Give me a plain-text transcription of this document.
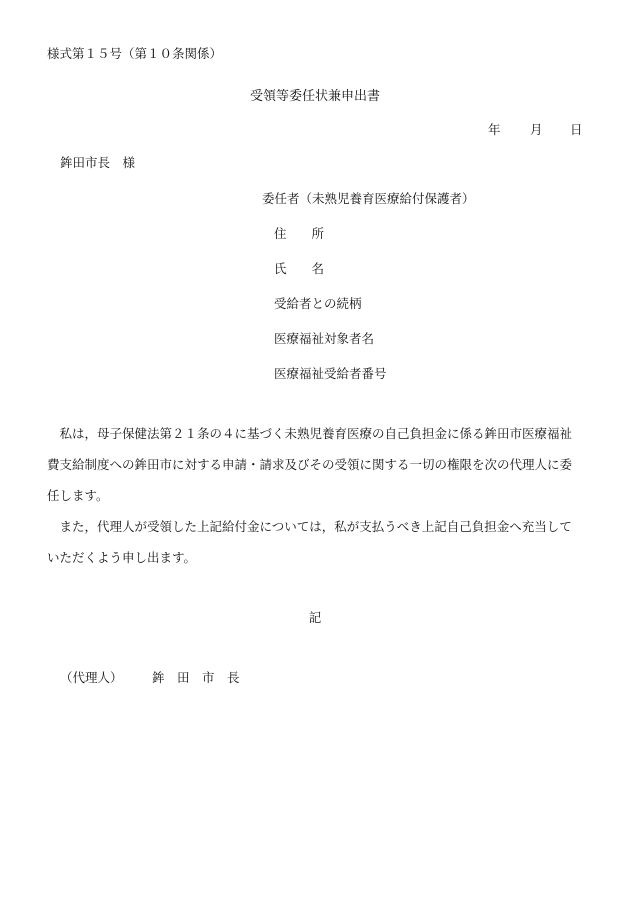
様式第１５号（第１０条関係）
受領等委任状兼申出書
年 月 日
鉾田市長　様
委任者（未熟児養育医療給付保護者）
住　　所
氏　　名
受給者との続柄
医療福祉対象者名
医療福祉受給者番号

私は，母子保健法第２１条の４に基づく未熟児養育医療の自己負担金に係る鉾田市医療福祉費支給制度への鉾田市に対する申請・請求及びその受領に関する一切の権限を次の代理人に委任します。

また，代理人が受領した上記給付金については，私が支払うべき上記自己負担金へ充当していただくよう申し出ます。

記
（代理人） 鉾　田　市　長
